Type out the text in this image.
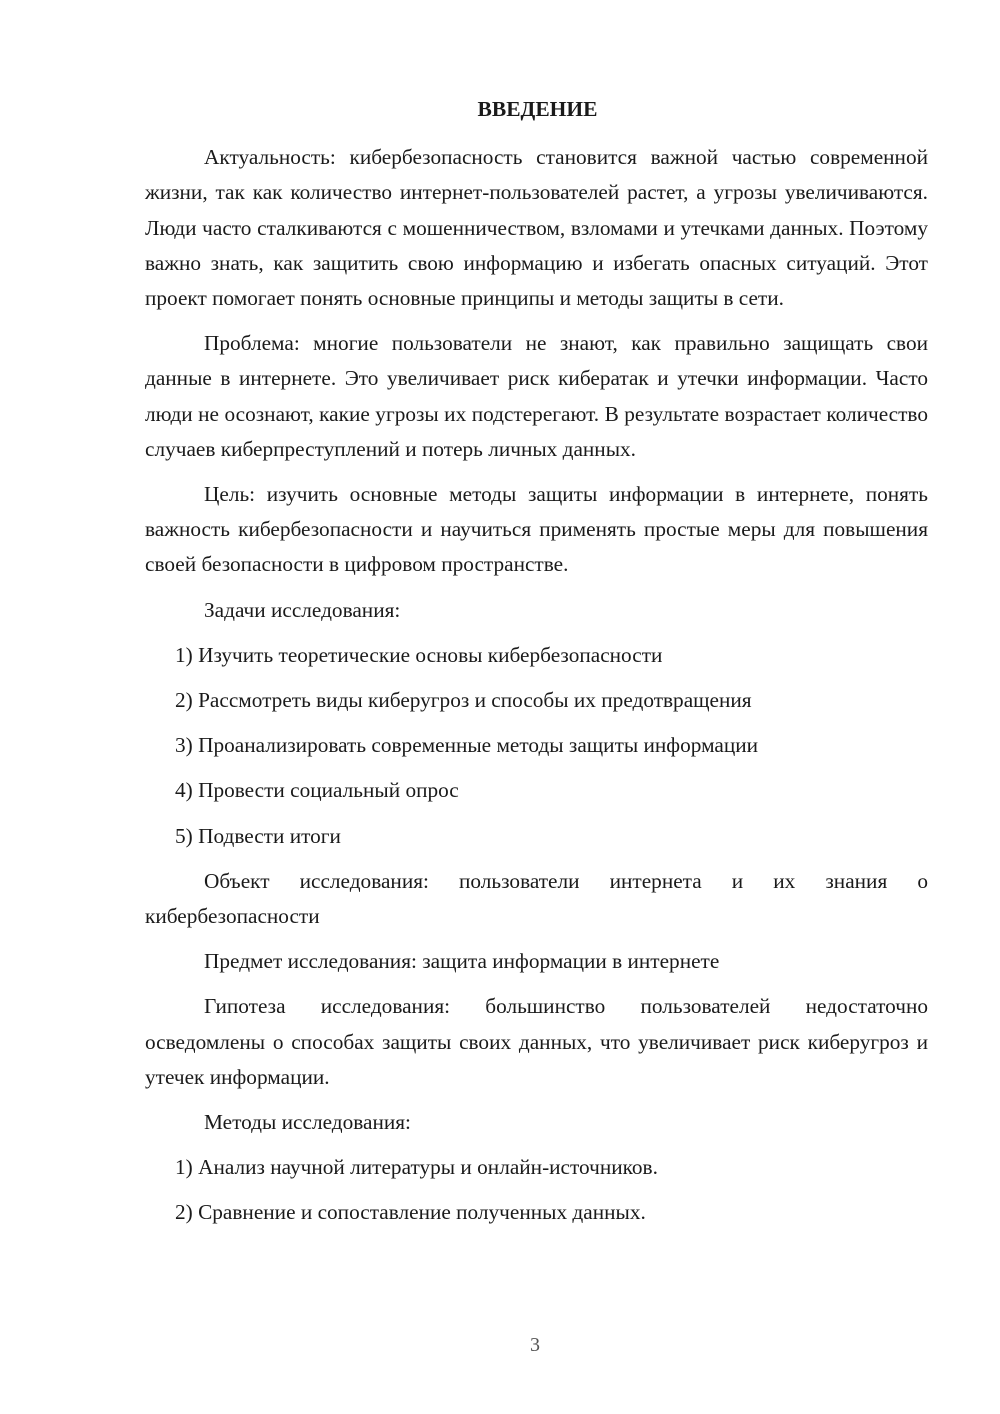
ВВЕДЕНИЕ

Актуальность: кибербезопасность становится важной частью современной жизни, так как количество интернет-пользователей растет, а угрозы увеличиваются. Люди часто сталкиваются с мошенничеством, взломами и утечками данных. Поэтому важно знать, как защитить свою информацию и избегать опасных ситуаций. Этот проект помогает понять основные принципы и методы защиты в сети.

Проблема: многие пользователи не знают, как правильно защищать свои данные в интернете. Это увеличивает риск кибератак и утечки информации. Часто люди не осознают, какие угрозы их подстерегают. В результате возрастает количество случаев киберпреступлений и потерь личных данных.

Цель: изучить основные методы защиты информации в интернете, понять важность кибербезопасности и научиться применять простые меры для повышения своей безопасности в цифровом пространстве.

Задачи исследования:

1) Изучить теоретические основы кибербезопасности

2) Рассмотреть виды киберугроз и способы их предотвращения

3) Проанализировать современные методы защиты информации

4) Провести социальный опрос

5) Подвести итоги

Объект исследования: пользователи интернета и их знания о кибербезопасности

Предмет исследования: защита информации в интернете

Гипотеза исследования: большинство пользователей недостаточно осведомлены о способах защиты своих данных, что увеличивает риск киберугроз и утечек информации.

Методы исследования:

1) Анализ научной литературы и онлайн-источников.

2) Сравнение и сопоставление полученных данных.

3
